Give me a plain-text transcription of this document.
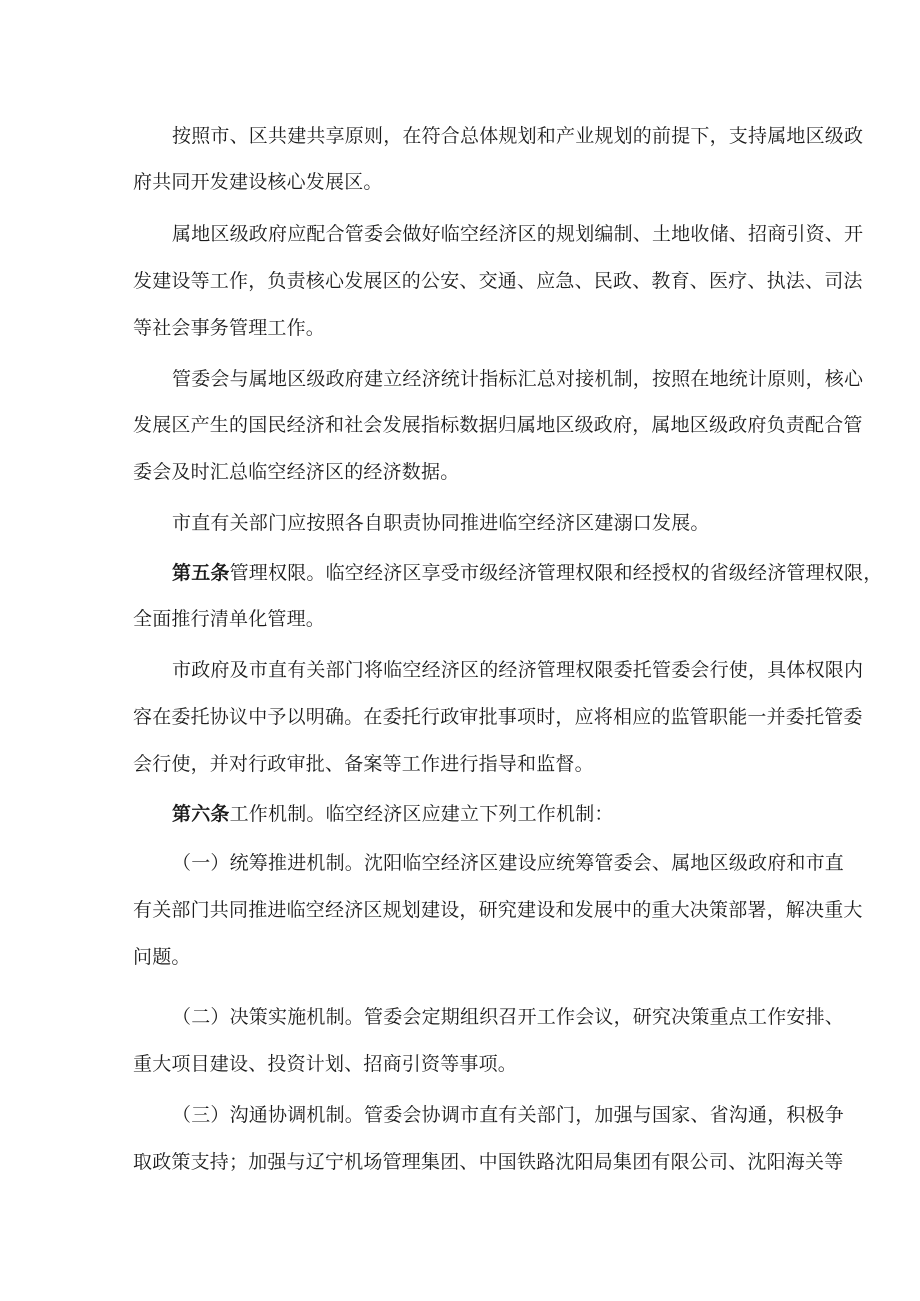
按照市、区共建共享原则，在符合总体规划和产业规划的前提下，支持属地区级政
府共同开发建设核心发展区。
属地区级政府应配合管委会做好临空经济区的规划编制、土地收储、招商引资、开
发建设等工作，负责核心发展区的公安、交通、应急、民政、教育、医疗、执法、司法
等社会事务管理工作。
管委会与属地区级政府建立经济统计指标汇总对接机制，按照在地统计原则，核心
发展区产生的国民经济和社会发展指标数据归属地区级政府，属地区级政府负责配合管
委会及时汇总临空经济区的经济数据。
市直有关部门应按照各自职责协同推进临空经济区建溺口发展。
第五条管理权限。临空经济区享受市级经济管理权限和经授权的省级经济管理权限，
全面推行清单化管理。
市政府及市直有关部门将临空经济区的经济管理权限委托管委会行使，具体权限内
容在委托协议中予以明确。在委托行政审批事项时，应将相应的监管职能一并委托管委
会行使，并对行政审批、备案等工作进行指导和监督。
第六条工作机制。临空经济区应建立下列工作机制：
（一）统筹推进机制。沈阳临空经济区建设应统筹管委会、属地区级政府和市直
有关部门共同推进临空经济区规划建设，研究建设和发展中的重大决策部署，解决重大
问题。
（二）决策实施机制。管委会定期组织召开工作会议，研究决策重点工作安排、
重大项目建设、投资计划、招商引资等事项。
（三）沟通协调机制。管委会协调市直有关部门，加强与国家、省沟通，积极争
取政策支持；加强与辽宁机场管理集团、中国铁路沈阳局集团有限公司、沈阳海关等
